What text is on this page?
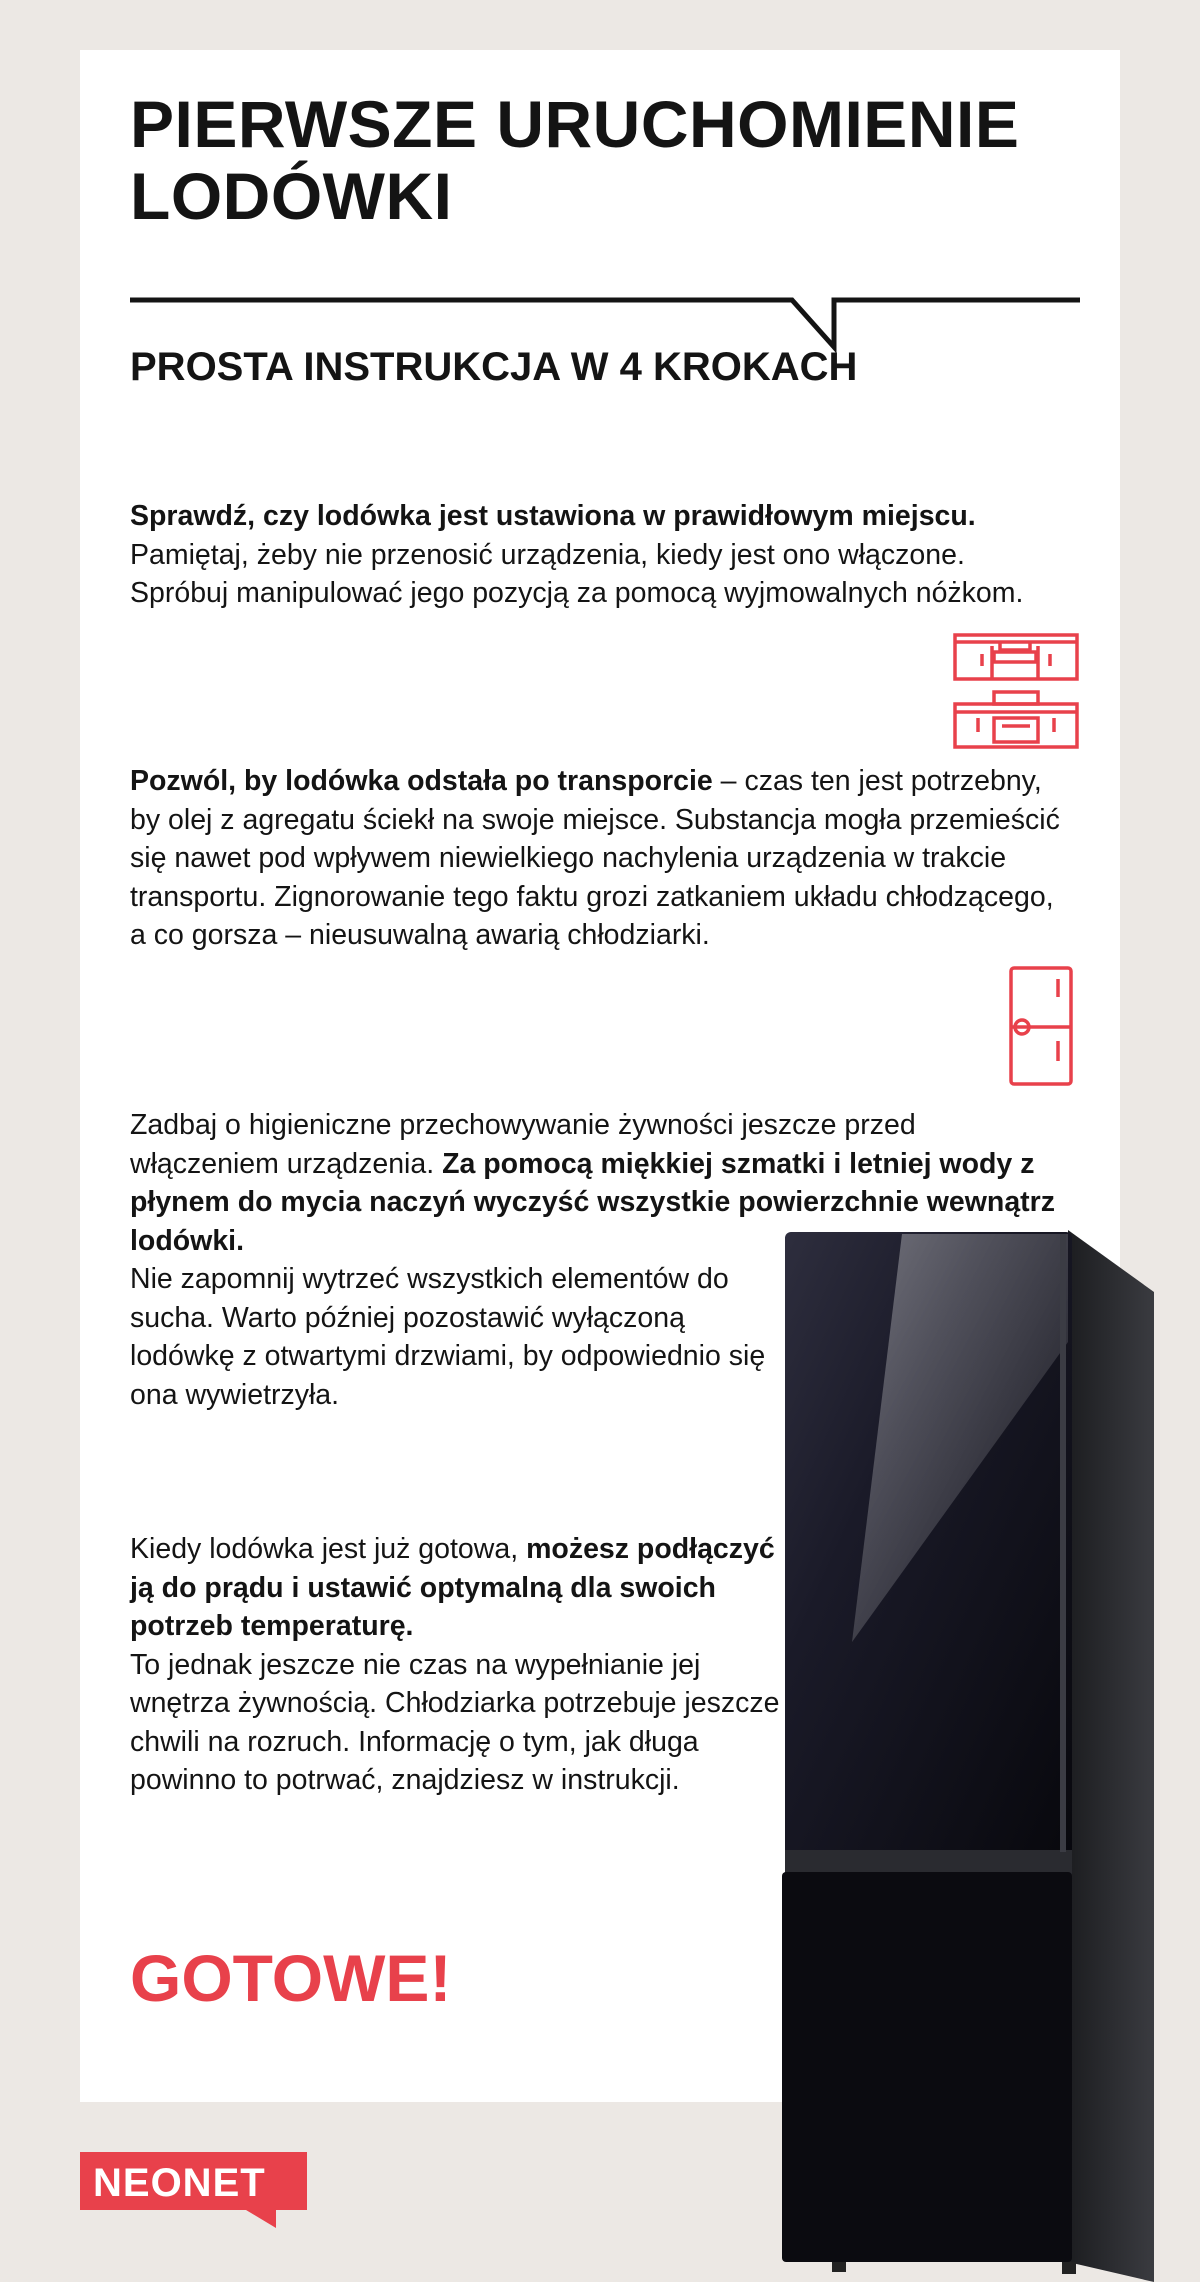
PIERWSZE URUCHOMIENIE
LODÓWKI
PROSTA INSTRUKCJA W 4 KROKACH

Sprawdź, czy lodówka jest ustawiona w prawidłowym miejscu.
Pamiętaj, żeby nie przenosić urządzenia, kiedy jest ono włączone. Spróbuj manipulować jego pozycją za pomocą wyjmowalnych nóżkom.

Pozwól, by lodówka odstała po transporcie – czas ten jest potrzebny, by olej z agregatu ściekł na swoje miejsce. Substancja mogła przemieścić się nawet pod wpływem niewielkiego nachylenia urządzenia w trakcie transportu. Zignorowanie tego faktu grozi zatkaniem układu chłodzącego, a co gorsza – nieusuwalną awarią chłodziarki.

Zadbaj o higieniczne przechowywanie żywności jeszcze przed włączeniem urządzenia. Za pomocą miękkiej szmatki i letniej wody z płynem do mycia naczyń wyczyść wszystkie powierzchnie wewnątrz lodówki.
Nie zapomnij wytrzeć wszystkich elementów do sucha. Warto później pozostawić wyłączoną lodówkę z otwartymi drzwiami, by odpowiednio się ona wywietrzyła.

Kiedy lodówka jest już gotowa, możesz podłączyć ją do prądu i ustawić optymalną dla swoich potrzeb temperaturę.
To jednak jeszcze nie czas na wypełnianie jej wnętrza żywnością. Chłodziarka potrzebuje jeszcze chwili na rozruch. Informację o tym, jak długa powinno to potrwać, znajdziesz w instrukcji.

GOTOWE!
NEONET
